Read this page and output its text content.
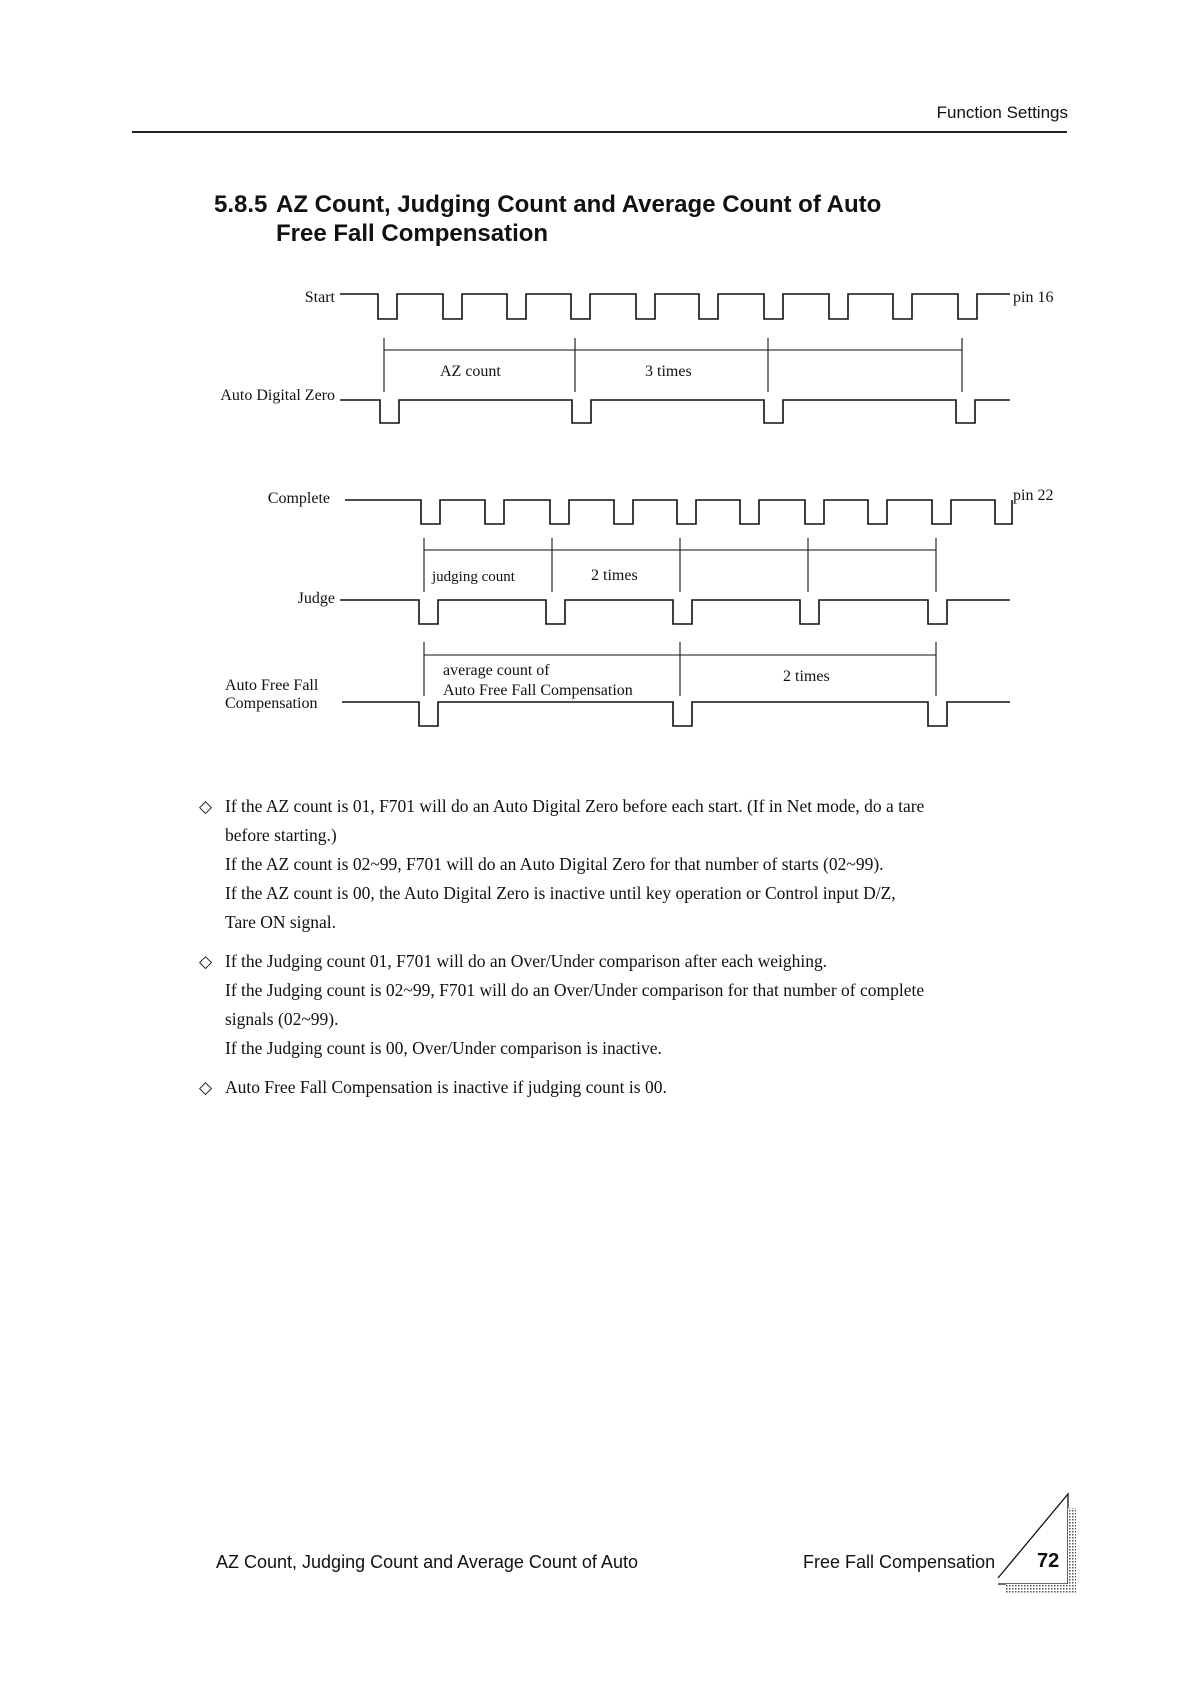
Function Settings
5.8.5 AZ Count, Judging Count and Average Count of Auto
Free Fall Compensation
Start
Auto Digital Zero
Complete
Judge
Auto Free Fall
Compensation
pin 16
pin 22
AZ count	3 times
judging count	2 times
average count of
Auto Free Fall Compensation
2 times
◇ If the AZ count is 01, F701 will do an Auto Digital Zero before each start. (If in Net mode, do a tare

before starting.)

If the AZ count is 02~99, F701 will do an Auto Digital Zero for that number of starts (02~99).

If the AZ count is 00, the Auto Digital Zero is inactive until key operation or Control input D/Z,

Tare ON signal.

◇ If the Judging count 01, F701 will do an Over/Under comparison after each weighing.

If the Judging count is 02~99, F701 will do an Over/Under comparison for that number of complete

signals (02~99).

If the Judging count is 00, Over/Under comparison is inactive.

◇ Auto Free Fall Compensation is inactive if judging count is 00.

AZ Count, Judging Count and Average Count of Auto	Free Fall Compensation 72
